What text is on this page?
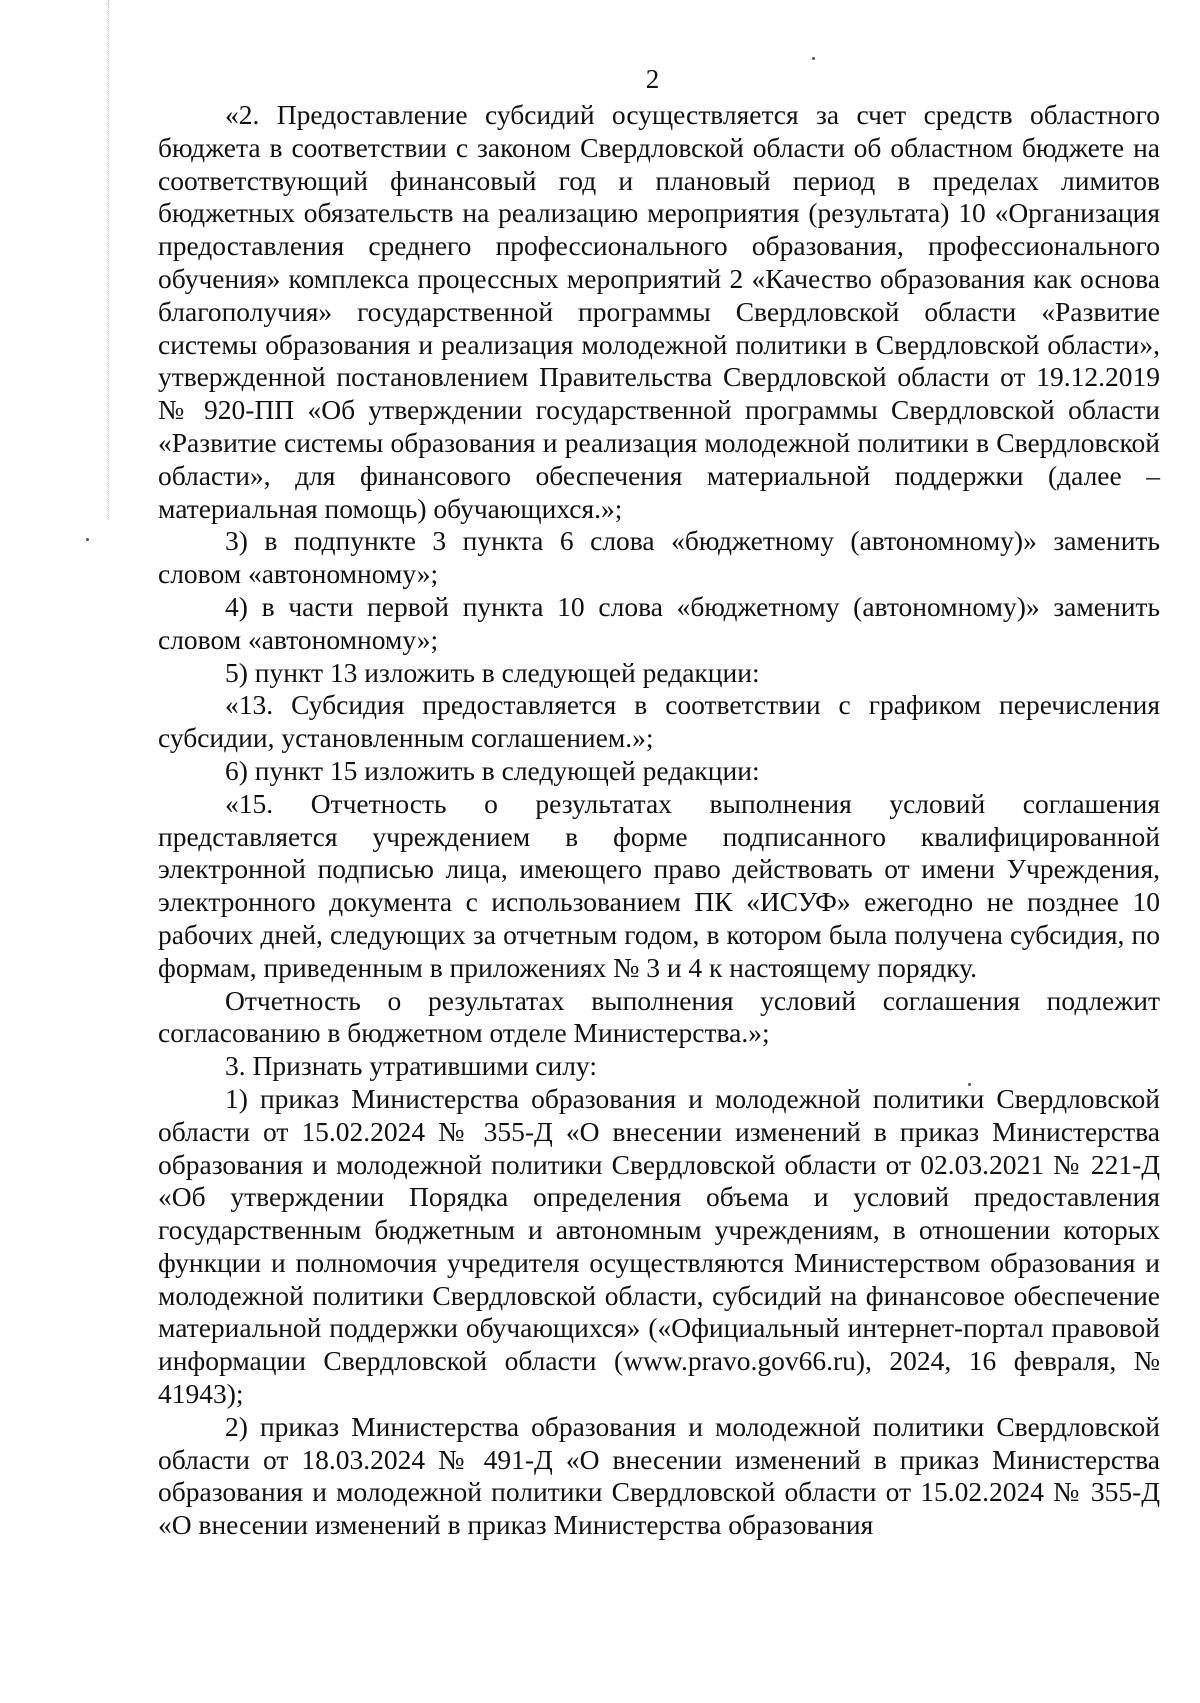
2

«2. Предоставление субсидий осуществляется за счет средств областного бюджета в соответствии с законом Свердловской области об областном бюджете на соответствующий финансовый год и плановый период в пределах лимитов бюджетных обязательств на реализацию мероприятия (результата) 10 «Организация предоставления среднего профессионального образования, профессионального обучения» комплекса процессных мероприятий 2 «Качество образования как основа благополучия» государственной программы Свердловской области «Развитие системы образования и реализация молодежной политики в Свердловской области», утвержденной постановлением Правительства Свердловской области от 19.12.2019 № 920-ПП «Об утверждении государственной программы Свердловской области «Развитие системы образования и реализация молодежной политики в Свердловской области», для финансового обеспечения материальной поддержки (далее – материальная помощь) обучающихся.»;

3) в подпункте 3 пункта 6 слова «бюджетному (автономному)» заменить словом «автономному»;

4) в части первой пункта 10 слова «бюджетному (автономному)» заменить словом «автономному»;

5) пункт 13 изложить в следующей редакции:

«13. Субсидия предоставляется в соответствии с графиком перечисления субсидии, установленным соглашением.»;

6) пункт 15 изложить в следующей редакции:

«15. Отчетность о результатах выполнения условий соглашения представляется учреждением в форме подписанного квалифицированной электронной подписью лица, имеющего право действовать от имени Учреждения, электронного документа с использованием ПК «ИСУФ» ежегодно не позднее 10 рабочих дней, следующих за отчетным годом, в котором была получена субсидия, по формам, приведенным в приложениях № 3 и 4 к настоящему порядку.

Отчетность о результатах выполнения условий соглашения подлежит согласованию в бюджетном отделе Министерства.»;

3. Признать утратившими силу:

1) приказ Министерства образования и молодежной политики Свердловской области от 15.02.2024 № 355-Д «О внесении изменений в приказ Министерства образования и молодежной политики Свердловской области от 02.03.2021 № 221-Д «Об утверждении Порядка определения объема и условий предоставления государственным бюджетным и автономным учреждениям, в отношении которых функции и полномочия учредителя осуществляются Министерством образования и молодежной политики Свердловской области, субсидий на финансовое обеспечение материальной поддержки обучающихся» («Официальный интернет-портал правовой информации Свердловской области (www.pravo.gov66.ru), 2024, 16 февраля, № 41943);

2) приказ Министерства образования и молодежной политики Свердловской области от 18.03.2024 № 491-Д «О внесении изменений в приказ Министерства образования и молодежной политики Свердловской области от 15.02.2024 № 355-Д «О внесении изменений в приказ Министерства образования
